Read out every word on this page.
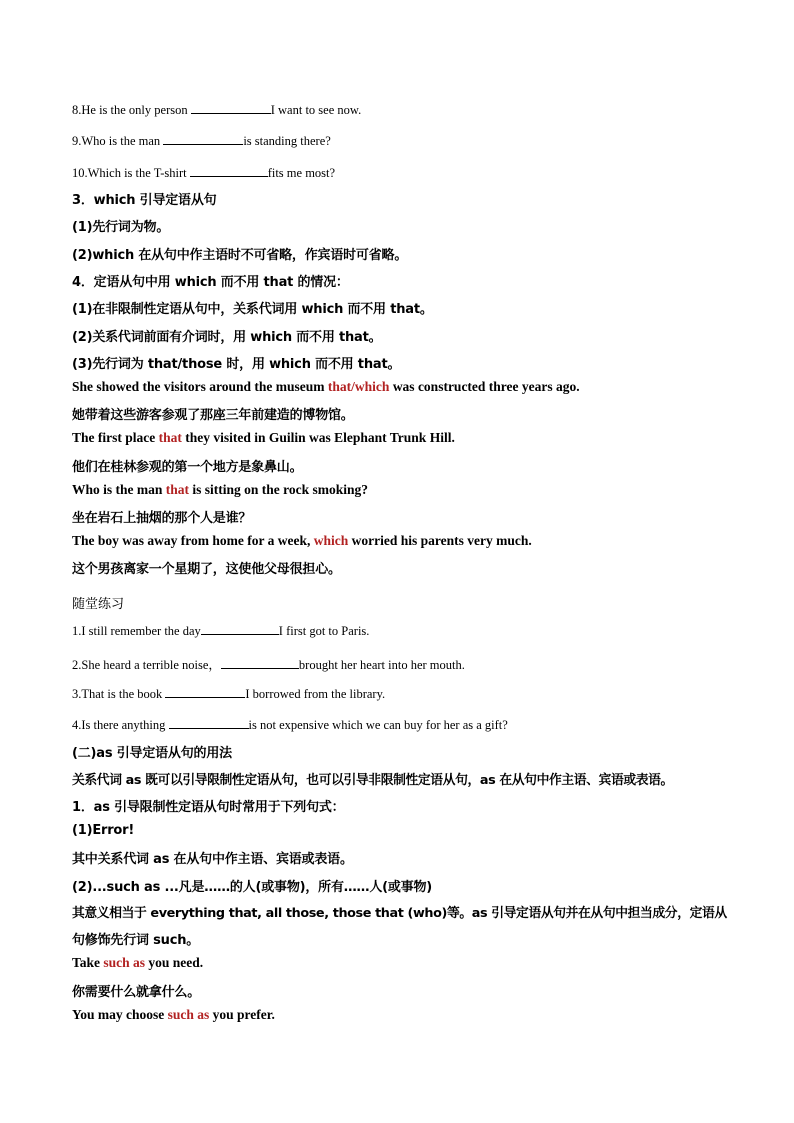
8.He is the only person	I want to see now.
9.Who is the man	is standing there?
10.Which is the T-shirt	fits me most?
3．which 引导定语从句
(1)先行词为物。
(2)which 在从句中作主语时不可省略，作宾语时可省略。
4．定语从句中用 which 而不用 that 的情况：
(1)在非限制性定语从句中，关系代词用 which 而不用 that。
(2)关系代词前面有介词时，用 which 而不用 that。
(3)先行词为 that/those 时，用 which 而不用 that。
She showed the visitors around the museum that/which was constructed three years ago.
她带着这些游客参观了那座三年前建造的博物馆。
The first place that they visited in Guilin was Elephant Trunk Hill.
他们在桂林参观的第一个地方是象鼻山。
Who is the man that is sitting on the rock smoking?
坐在岩石上抽烟的那个人是谁？
The boy was away from home for a week, which worried his parents very much.
这个男孩离家一个星期了，这使他父母很担心。
随堂练习
1.I still remember the day	I first got to Paris.
2.She heard a terrible noise，	brought her heart into her mouth.
3.That is the book	I borrowed from the library.
4.Is there anything	is not expensive which we can buy for her as a gift?
(二)as 引导定语从句的用法
关系代词 as 既可以引导限制性定语从句，也可以引导非限制性定语从句，as 在从句中作主语、宾语或表语。
1．as 引导限制性定语从句时常用于下列句式：
(1)Error!
其中关系代词 as 在从句中作主语、宾语或表语。
(2)...such as ...凡是……的人(或事物)，所有……人(或事物)
其意义相当于 everything that, all those, those that (who)等。as 引导定语从句并在从句中担当成分，定语从
句修饰先行词 such。
Take such as you need.
你需要什么就拿什么。
You may choose such as you prefer.
